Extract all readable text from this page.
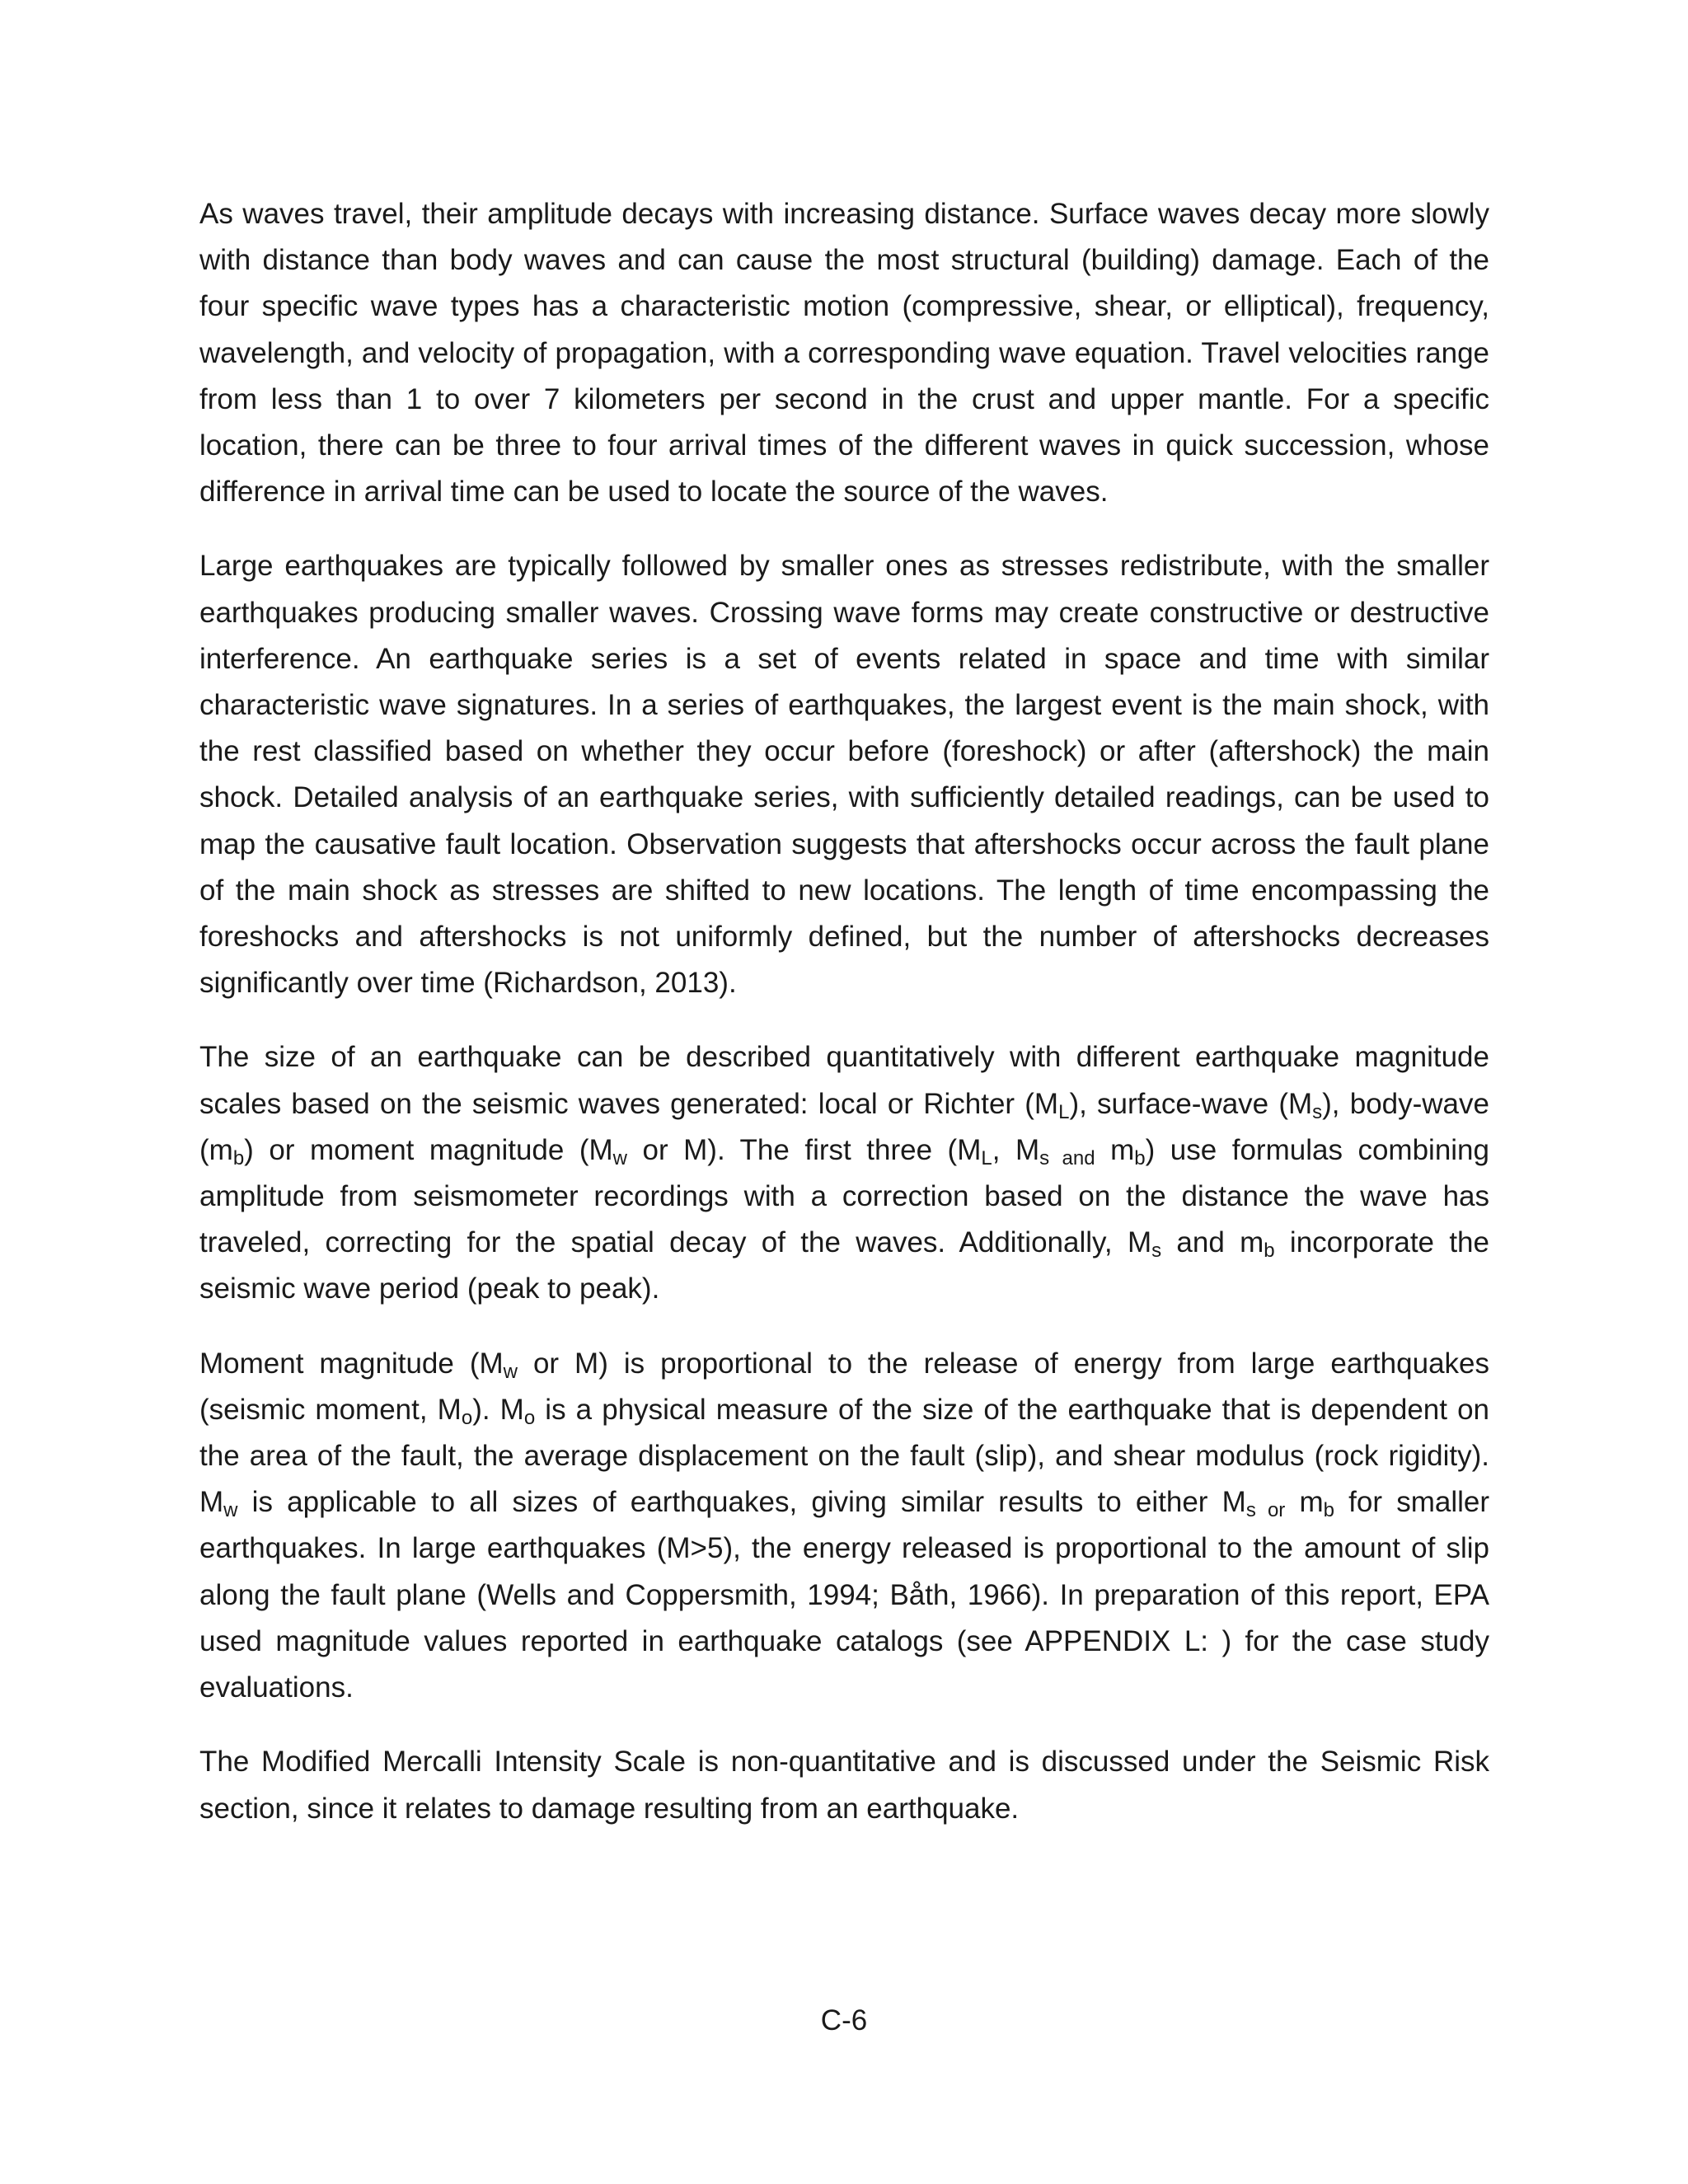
As waves travel, their amplitude decays with increasing distance. Surface waves decay more slowly with distance than body waves and can cause the most structural (building) damage. Each of the four specific wave types has a characteristic motion (compressive, shear, or elliptical), frequency, wavelength, and velocity of propagation, with a corresponding wave equation. Travel velocities range from less than 1 to over 7 kilometers per second in the crust and upper mantle. For a specific location, there can be three to four arrival times of the different waves in quick succession, whose difference in arrival time can be used to locate the source of the waves.

Large earthquakes are typically followed by smaller ones as stresses redistribute, with the smaller earthquakes producing smaller waves. Crossing wave forms may create constructive or destructive interference. An earthquake series is a set of events related in space and time with similar characteristic wave signatures. In a series of earthquakes, the largest event is the main shock, with the rest classified based on whether they occur before (foreshock) or after (aftershock) the main shock. Detailed analysis of an earthquake series, with sufficiently detailed readings, can be used to map the causative fault location. Observation suggests that aftershocks occur across the fault plane of the main shock as stresses are shifted to new locations. The length of time encompassing the foreshocks and aftershocks is not uniformly defined, but the number of aftershocks decreases significantly over time (Richardson, 2013).

The size of an earthquake can be described quantitatively with different earthquake magnitude scales based on the seismic waves generated: local or Richter $(M_L)$, surface-wave $(M_s)$, body-wave $(m_b)$ or moment magnitude ($M_w$ or M). The first three ($M_L$, $M_{s and}$ $m_b$) use formulas combining amplitude from seismometer recordings with a correction based on the distance the wave has traveled, correcting for the spatial decay of the waves. Additionally, $M_s$ and $m_b$ incorporate the seismic wave period (peak to peak).

Moment magnitude ($M_w$ or M) is proportional to the release of energy from large earthquakes (seismic moment, $M_o$). $M_o$ is a physical measure of the size of the earthquake that is dependent on the area of the fault, the average displacement on the fault (slip), and shear modulus (rock rigidity). $M_w$ is applicable to all sizes of earthquakes, giving similar results to either $M_{s or}$ $m_b$ for smaller earthquakes. In large earthquakes (M>5), the energy released is proportional to the amount of slip along the fault plane (Wells and Coppersmith, 1994; Båth, 1966). In preparation of this report, EPA used magnitude values reported in earthquake catalogs (see APPENDIX L: ) for the case study evaluations.

The Modified Mercalli Intensity Scale is non-quantitative and is discussed under the Seismic Risk section, since it relates to damage resulting from an earthquake.

C-6
